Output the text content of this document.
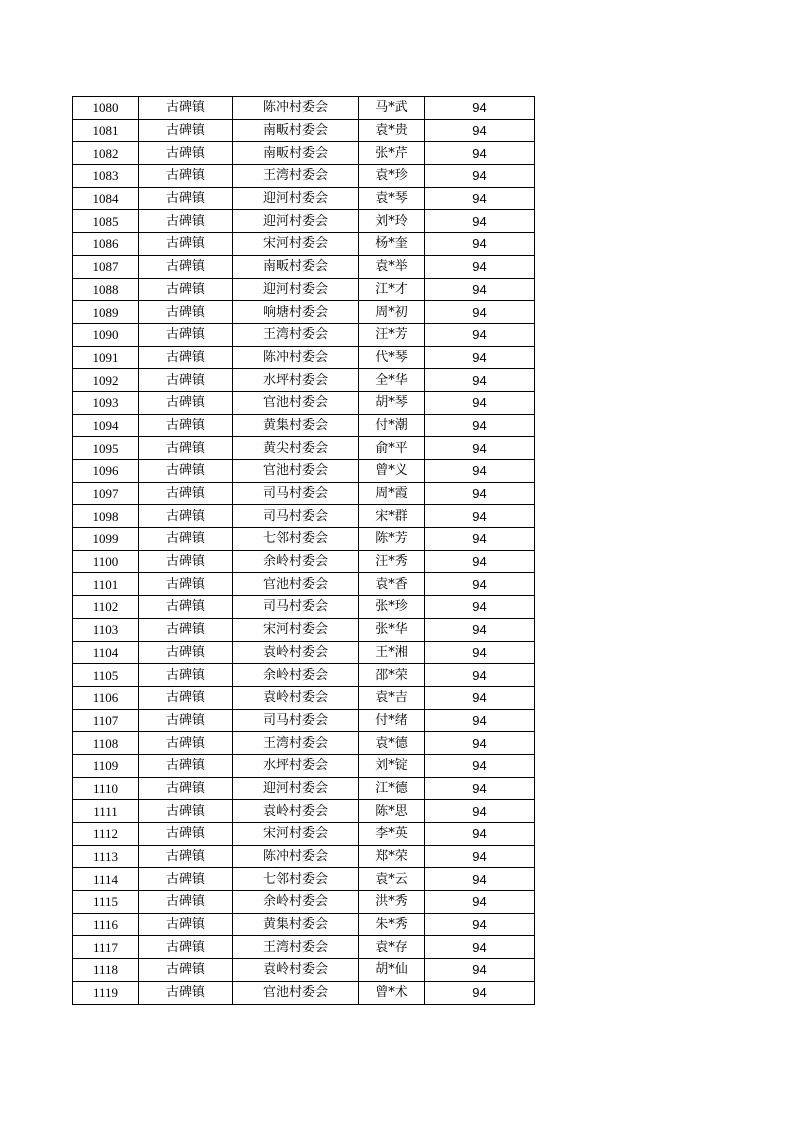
1080	古碑镇	陈冲村委会	马*武	94
1081	古碑镇	南畈村委会	袁*贵	94
1082	古碑镇	南畈村委会	张*芹	94
1083	古碑镇	王湾村委会	袁*珍	94
1084	古碑镇	迎河村委会	袁*琴	94
1085	古碑镇	迎河村委会	刘*玲	94
1086	古碑镇	宋河村委会	杨*奎	94
1087	古碑镇	南畈村委会	袁*举	94
1088	古碑镇	迎河村委会	江*才	94
1089	古碑镇	响塘村委会	周*初	94
1090	古碑镇	王湾村委会	汪*芳	94
1091	古碑镇	陈冲村委会	代*琴	94
1092	古碑镇	水坪村委会	全*华	94
1093	古碑镇	官池村委会	胡*琴	94
1094	古碑镇	黄集村委会	付*潮	94
1095	古碑镇	黄尖村委会	俞*平	94
1096	古碑镇	官池村委会	曾*义	94
1097	古碑镇	司马村委会	周*霞	94
1098	古碑镇	司马村委会	宋*群	94
1099	古碑镇	七邻村委会	陈*芳	94
1100	古碑镇	余岭村委会	汪*秀	94
1101	古碑镇	官池村委会	袁*香	94
1102	古碑镇	司马村委会	张*珍	94
1103	古碑镇	宋河村委会	张*华	94
1104	古碑镇	袁岭村委会	王*湘	94
1105	古碑镇	余岭村委会	邵*荣	94
1106	古碑镇	袁岭村委会	袁*吉	94
1107	古碑镇	司马村委会	付*绪	94
1108	古碑镇	王湾村委会	袁*德	94
1109	古碑镇	水坪村委会	刘*锭	94
1110	古碑镇	迎河村委会	江*德	94
1111	古碑镇	袁岭村委会	陈*思	94
1112	古碑镇	宋河村委会	李*英	94
1113	古碑镇	陈冲村委会	郑*荣	94
1114	古碑镇	七邻村委会	袁*云	94
1115	古碑镇	余岭村委会	洪*秀	94
1116	古碑镇	黄集村委会	朱*秀	94
1117	古碑镇	王湾村委会	袁*存	94
1118	古碑镇	袁岭村委会	胡*仙	94
1119	古碑镇	官池村委会	曾*术	94
